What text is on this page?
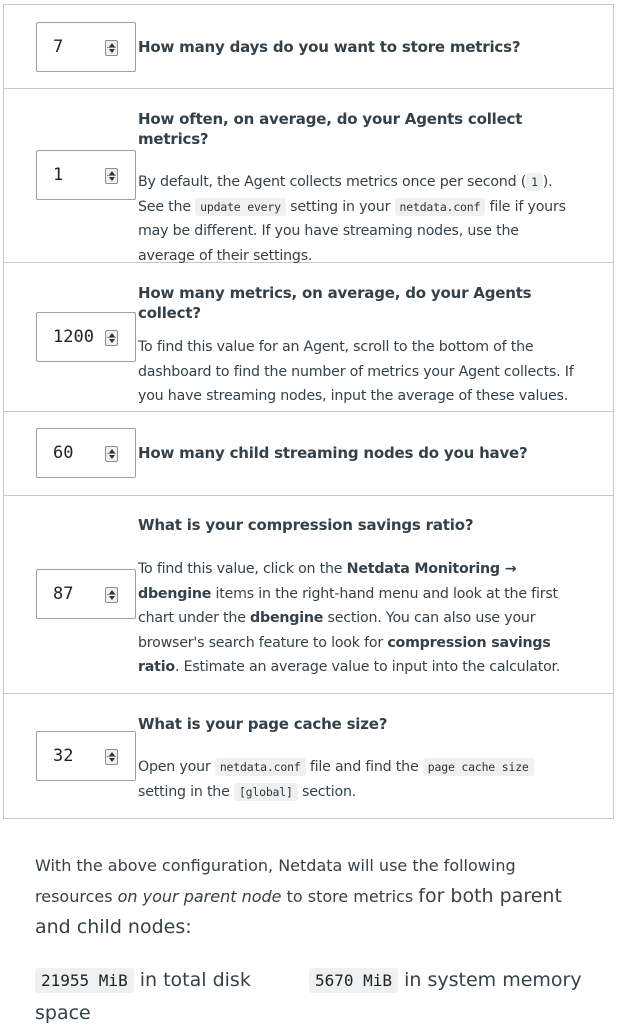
7	How many days do you want to store metrics?

1

How often, on average, do your Agents collect metrics?

By default, the Agent collects metrics once per second ( 1 ). See the update every setting in your netdata.conf file if yours may be different. If you have streaming nodes, use the average of their settings.

1200

How many metrics, on average, do your Agents collect?

To find this value for an Agent, scroll to the bottom of the dashboard to find the number of metrics your Agent collects. If you have streaming nodes, input the average of these values.

60	How many child streaming nodes do you have?

87

What is your compression savings ratio?

To find this value, click on the Netdata Monitoring → dbengine items in the right-hand menu and look at the first chart under the dbengine section. You can also use your browser's search feature to look for compression savings ratio. Estimate an average value to input into the calculator.

32

What is your page cache size?

Open your netdata.conf file and find the page cache size setting in the [global] section.

With the above configuration, Netdata will use the following resources on your parent node to store metrics for both parent and child nodes:
21955 MiB in total disk space
5670 MiB in system memory
